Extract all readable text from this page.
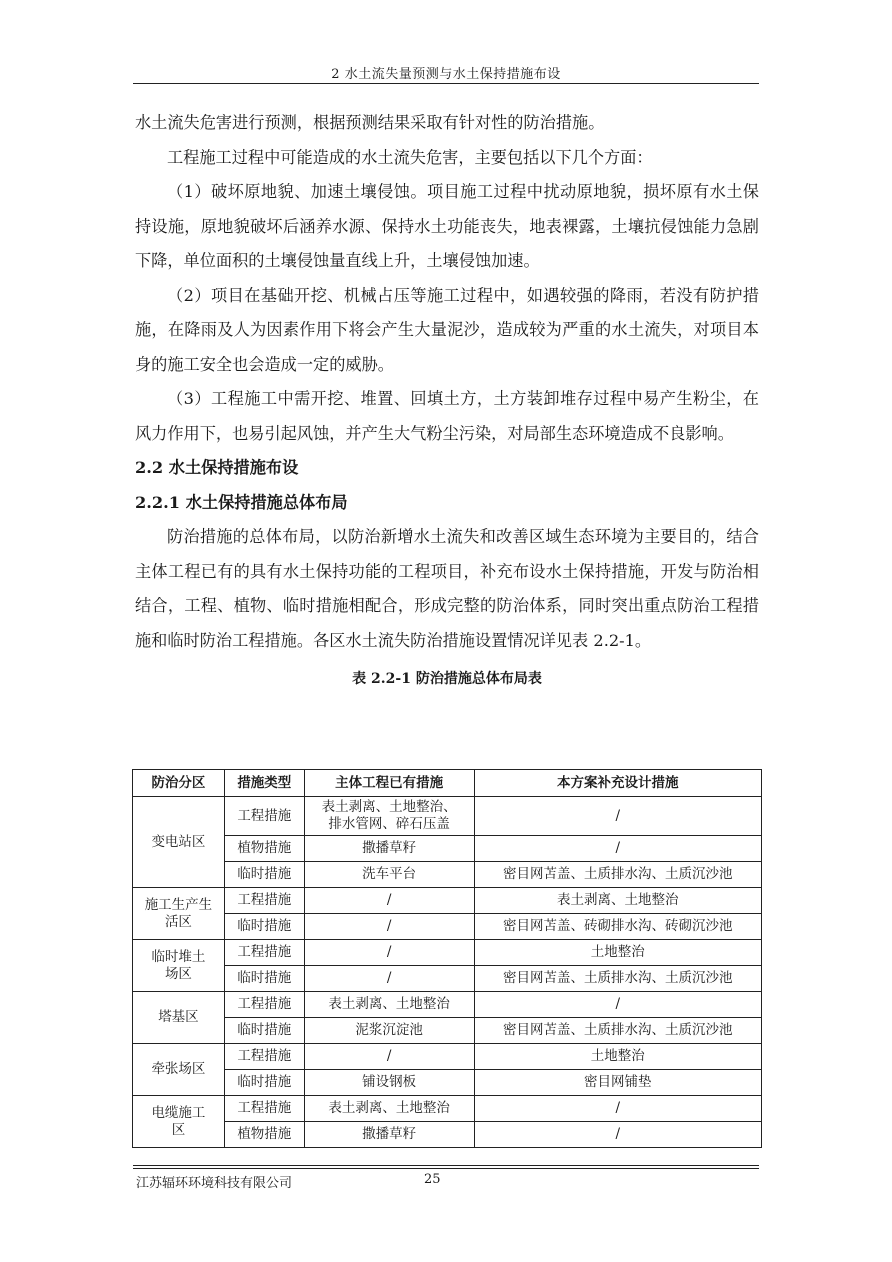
2 水土流失量预测与水土保持措施布设

水土流失危害进行预测，根据预测结果采取有针对性的防治措施。

工程施工过程中可能造成的水土流失危害，主要包括以下几个方面：

（1）破坏原地貌、加速土壤侵蚀。项目施工过程中扰动原地貌，损坏原有水土保持设施，原地貌破坏后涵养水源、保持水土功能丧失，地表裸露，土壤抗侵蚀能力急剧下降，单位面积的土壤侵蚀量直线上升，土壤侵蚀加速。

（2）项目在基础开挖、机械占压等施工过程中，如遇较强的降雨，若没有防护措施，在降雨及人为因素作用下将会产生大量泥沙，造成较为严重的水土流失，对项目本身的施工安全也会造成一定的威胁。

（3）工程施工中需开挖、堆置、回填土方，土方装卸堆存过程中易产生粉尘，在风力作用下，也易引起风蚀，并产生大气粉尘污染，对局部生态环境造成不良影响。

2.2 水土保持措施布设
2.2.1 水土保持措施总体布局

防治措施的总体布局，以防治新增水土流失和改善区域生态环境为主要目的，结合主体工程已有的具有水土保持功能的工程项目，补充布设水土保持措施，开发与防治相结合，工程、植物、临时措施相配合，形成完整的防治体系，同时突出重点防治工程措施和临时防治工程措施。各区水土流失防治措施设置情况详见表 2.2-1。

表 2.2-1 防治措施总体布局表
防治分区	措施类型	主体工程已有措施	本方案补充设计措施
变电站区	工程措施	表土剥离、土地整治、排水管网、碎石压盖	/
	植物措施	撒播草籽	/
	临时措施	洗车平台	密目网苫盖、土质排水沟、土质沉沙池
施工生产生活区	工程措施	/	表土剥离、土地整治
	临时措施	/	密目网苫盖、砖砌排水沟、砖砌沉沙池
临时堆土场区	工程措施	/	土地整治
	临时措施	/	密目网苫盖、土质排水沟、土质沉沙池
塔基区	工程措施	表土剥离、土地整治	/
	临时措施	泥浆沉淀池	密目网苫盖、土质排水沟、土质沉沙池
牵张场区	工程措施	/	土地整治
	临时措施	铺设钢板	密目网铺垫
电缆施工区	工程措施	表土剥离、土地整治	/
	植物措施	撒播草籽	/
江苏辐环环境科技有限公司	25
